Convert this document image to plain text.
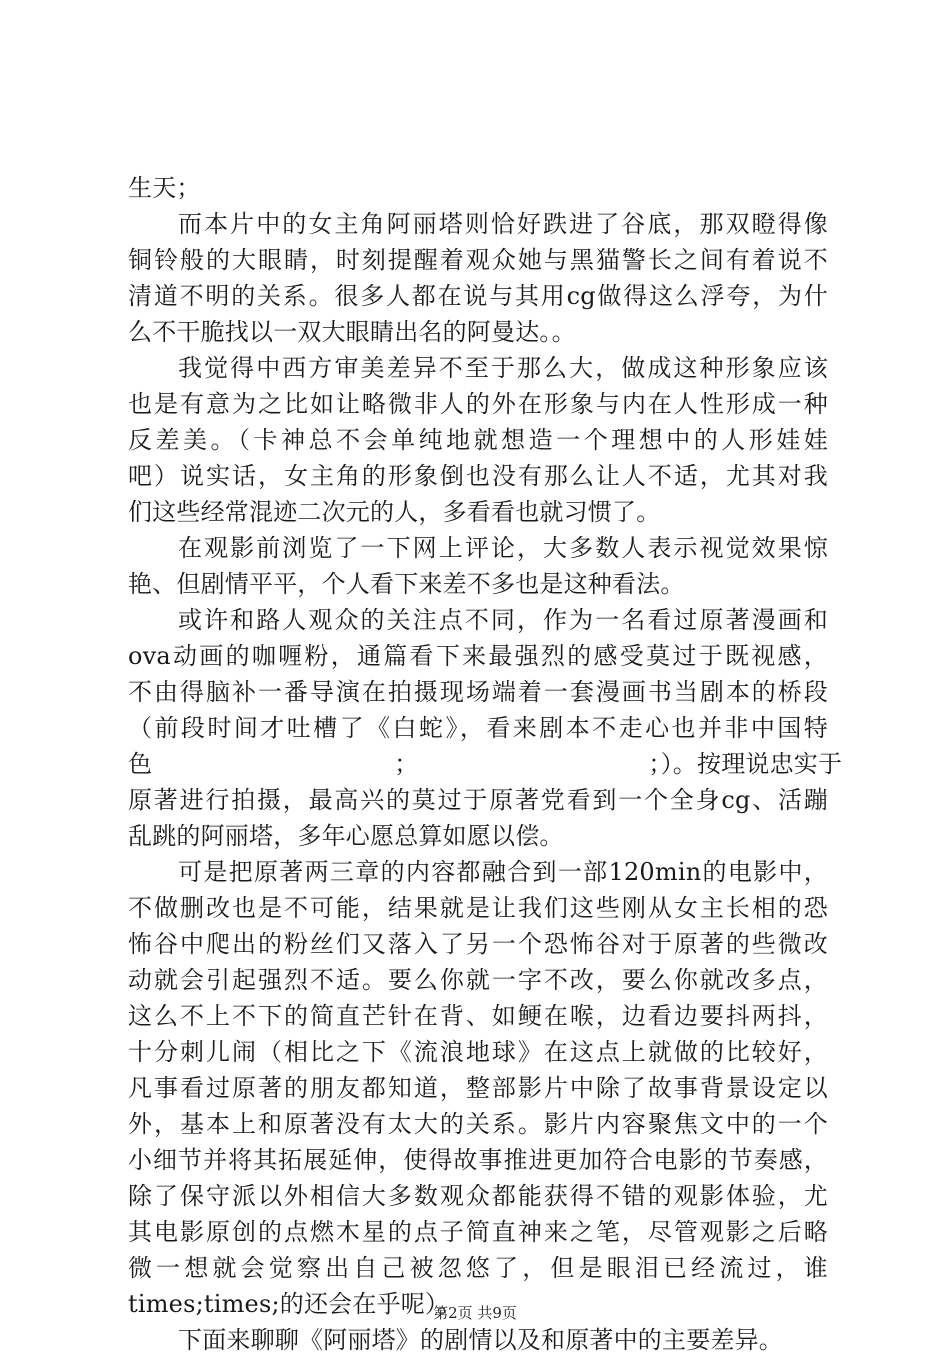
生天；
而本片中的女主角阿丽塔则恰好跌进了谷底，那双瞪得像
铜铃般的大眼睛，时刻提醒着观众她与黑猫警长之间有着说不
清道不明的关系。很多人都在说与其用cg做得这么浮夸，为什
么不干脆找以一双大眼睛出名的阿曼达。。
我觉得中西方审美差异不至于那么大，做成这种形象应该
也是有意为之比如让略微非人的外在形象与内在人性形成一种
反差美。（卡神总不会单纯地就想造一个理想中的人形娃娃
吧）说实话，女主角的形象倒也没有那么让人不适，尤其对我
们这些经常混迹二次元的人，多看看也就习惯了。
在观影前浏览了一下网上评论，大多数人表示视觉效果惊
艳、但剧情平平，个人看下来差不多也是这种看法。
或许和路人观众的关注点不同，作为一名看过原著漫画和
ova动画的咖喱粉，通篇看下来最强烈的感受莫过于既视感，
不由得脑补一番导演在拍摄现场端着一套漫画书当剧本的桥段
（前段时间才吐槽了《白蛇》，看来剧本不走心也并非中国特
色　　　　　　　　　　；　　　　　　　　　　；）。按理说忠实于
原著进行拍摄，最高兴的莫过于原著党看到一个全身cg、活蹦
乱跳的阿丽塔，多年心愿总算如愿以偿。
可是把原著两三章的内容都融合到一部120min的电影中，
不做删改也是不可能，结果就是让我们这些刚从女主长相的恐
怖谷中爬出的粉丝们又落入了另一个恐怖谷对于原著的些微改
动就会引起强烈不适。要么你就一字不改，要么你就改多点，
这么不上不下的简直芒针在背、如鲠在喉，边看边要抖两抖，
十分刺儿闹（相比之下《流浪地球》在这点上就做的比较好，
凡事看过原著的朋友都知道，整部影片中除了故事背景设定以
外，基本上和原著没有太大的关系。影片内容聚焦文中的一个
小细节并将其拓展延伸，使得故事推进更加符合电影的节奏感，
除了保守派以外相信大多数观众都能获得不错的观影体验，尤
其电影原创的点燃木星的点子简直神来之笔，尽管观影之后略
微一想就会觉察出自己被忽悠了，但是眼泪已经流过，谁
times;times;的还会在乎呢）。
下面来聊聊《阿丽塔》的剧情以及和原著中的主要差异。
第2页 共9页
